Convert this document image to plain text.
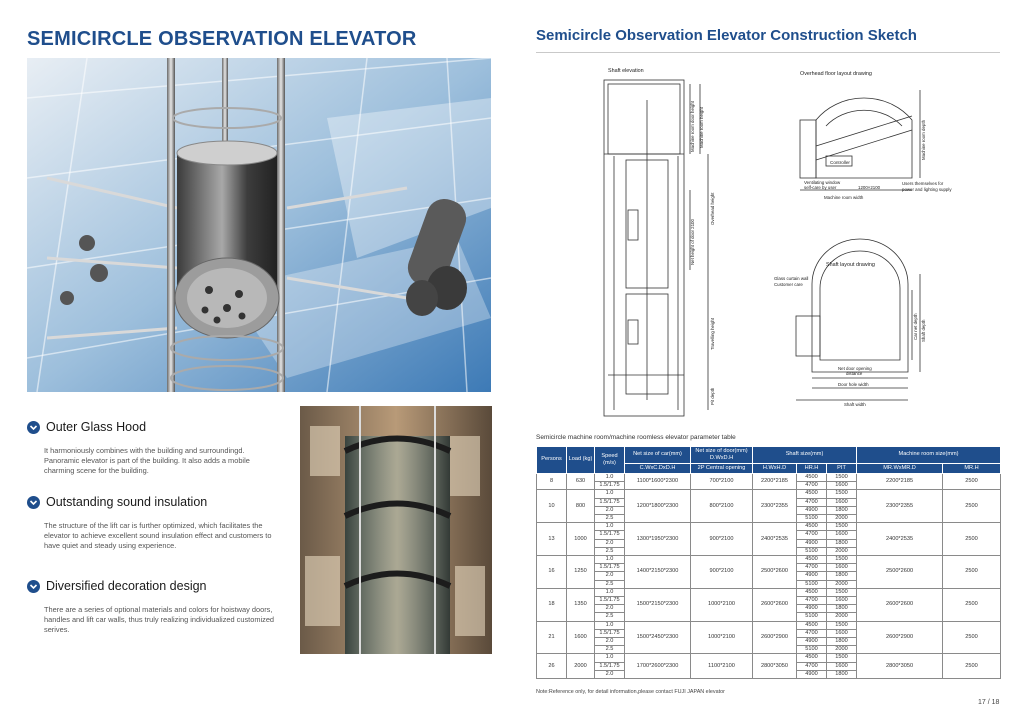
SEMICIRCLE OBSERVATION ELEVATOR
Outer Glass Hood
It harmoniously combines with the building and surroundingd. Panoramic elevator is part of the building. It also adds a mobile charming scene for the building.
Outstanding sound insulation
The structure of the lift car is further optimized, which facilitates the elevator to achieve excellent sound insulation effect and customers to have quiet and steady using experience.
Diversified decoration design
There are a series of optional materials and colors for hoistway doors, handles and lift car walls, thus truly realizing individualized customized serives.
Semicircle Observation Elevator Construction Sketch
Shaft elevation	Overhead floor layout drawing
Shaft layout drawing
Controller
Ventilating window
self-care by user	1200×2100
Machine room width
Users themselves for
power and lighting supply
Glass curtain wall
Customer care
Net door opening
distance
Door hole width
Shaft width
Machine room door height Machine room height
Overhead height
Net height of door 2100
Travelling height
Pit depth
Machine room depth
Car net depth Shaft depth
Semicircle machine room/machine roomless elevator parameter table
Persons	Load (kg)	Speed (m/s)	Net size of car(mm)	Net size of door(mm) D.WxD.H	Shaft size(mm)			Machine room size(mm)	
			C.WxC.DxD.H	2P Central opening	H.WxH.D	HR.H	PIT	MR.WxMR.D	MR.H
8	630	1.0	1100*1600*2300	700*2100	2200*2185	4500	1500	2200*2185	2500
		1.5/1.75				4700	1600		
10	800	1.0	1200*1800*2300	800*2100	2300*2355	4500	1500	2300*2355	2500
		1.5/1.75				4700	1600		
		2.0				4900	1800		
		2.5				5100	2000		
13	1000	1.0	1300*1950*2300	900*2100	2400*2535	4500	1500	2400*2535	2500
		1.5/1.75				4700	1600		
		2.0				4900	1800		
		2.5				5100	2000		
16	1250	1.0	1400*2150*2300	900*2100	2500*2600	4500	1500	2500*2600	2500
		1.5/1.75				4700	1600		
		2.0				4900	1800		
		2.5				5100	2000		
18	1350	1.0	1500*2150*2300	1000*2100	2600*2600	4500	1500	2600*2600	2500
		1.5/1.75				4700	1600		
		2.0				4900	1800		
		2.5				5100	2000		
21	1600	1.0	1500*2450*2300	1000*2100	2600*2900	4500	1500	2600*2900	2500
		1.5/1.75				4700	1600		
		2.0				4900	1800		
		2.5				5100	2000		
26	2000	1.0	1700*2600*2300	1100*2100	2800*3050	4500	1500	2800*3050	2500
		1.5/1.75				4700	1600		
		2.0				4900	1800		
Note:Reference only, for detail information,please contact FUJI JAPAN elevator
17 / 18
